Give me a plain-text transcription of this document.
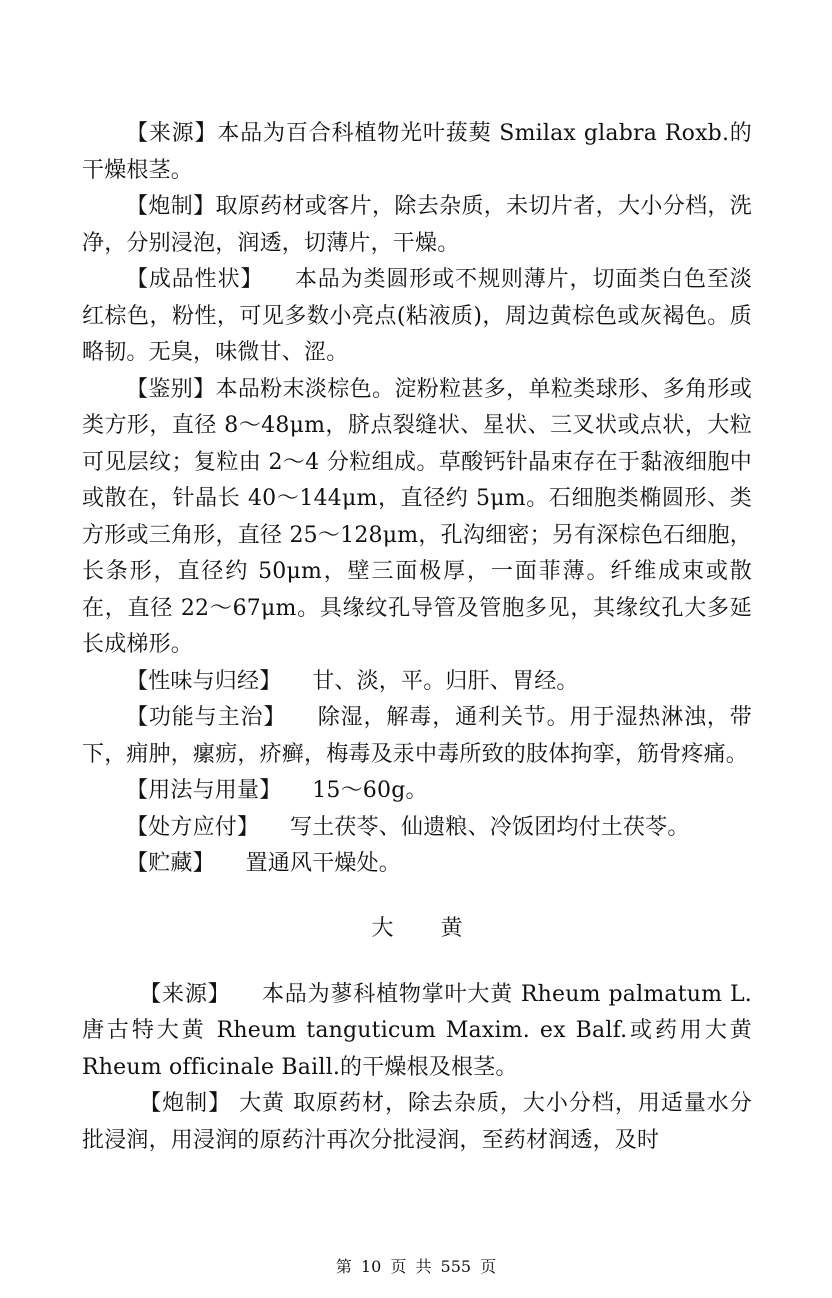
【来源】本品为百合科植物光叶菝葜 Smilax glabra Roxb.的干燥根茎。

【炮制】取原药材或客片，除去杂质，未切片者，大小分档，洗净，分别浸泡，润透，切薄片，干燥。

【成品性状】 本品为类圆形或不规则薄片，切面类白色至淡红棕色，粉性，可见多数小亮点(粘液质)，周边黄棕色或灰褐色。质略韧。无臭，味微甘、涩。

【鉴别】本品粉末淡棕色。淀粉粒甚多，单粒类球形、多角形或类方形，直径 8～48μm，脐点裂缝状、星状、三叉状或点状，大粒可见层纹；复粒由 2～4 分粒组成。草酸钙针晶束存在于黏液细胞中或散在，针晶长 40～144μm，直径约 5μm。石细胞类椭圆形、类方形或三角形，直径 25～128μm，孔沟细密；另有深棕色石细胞，长条形，直径约 50μm，壁三面极厚，一面菲薄。纤维成束或散在，直径 22～67μm。具缘纹孔导管及管胞多见，其缘纹孔大多延长成梯形。

【性味与归经】 甘、淡，平。归肝、胃经。

【功能与主治】 除湿，解毒，通利关节。用于湿热淋浊，带下，痈肿，瘰疬，疥癣，梅毒及汞中毒所致的肢体拘挛，筋骨疼痛。

【用法与用量】 15～60g。

【处方应付】 写土茯苓、仙遗粮、冷饭团均付土茯苓。

【贮藏】 置通风干燥处。

大 黄

【来源】 本品为蓼科植物掌叶大黄 Rheum palmatum L.唐古特大黄 Rheum tanguticum Maxim. ex Balf.或药用大黄 Rheum officinale Baill.的干燥根及根茎。

【炮制】 大黄 取原药材，除去杂质，大小分档，用适量水分批浸润，用浸润的原药汁再次分批浸润，至药材润透，及时

第 10 页 共 555 页
